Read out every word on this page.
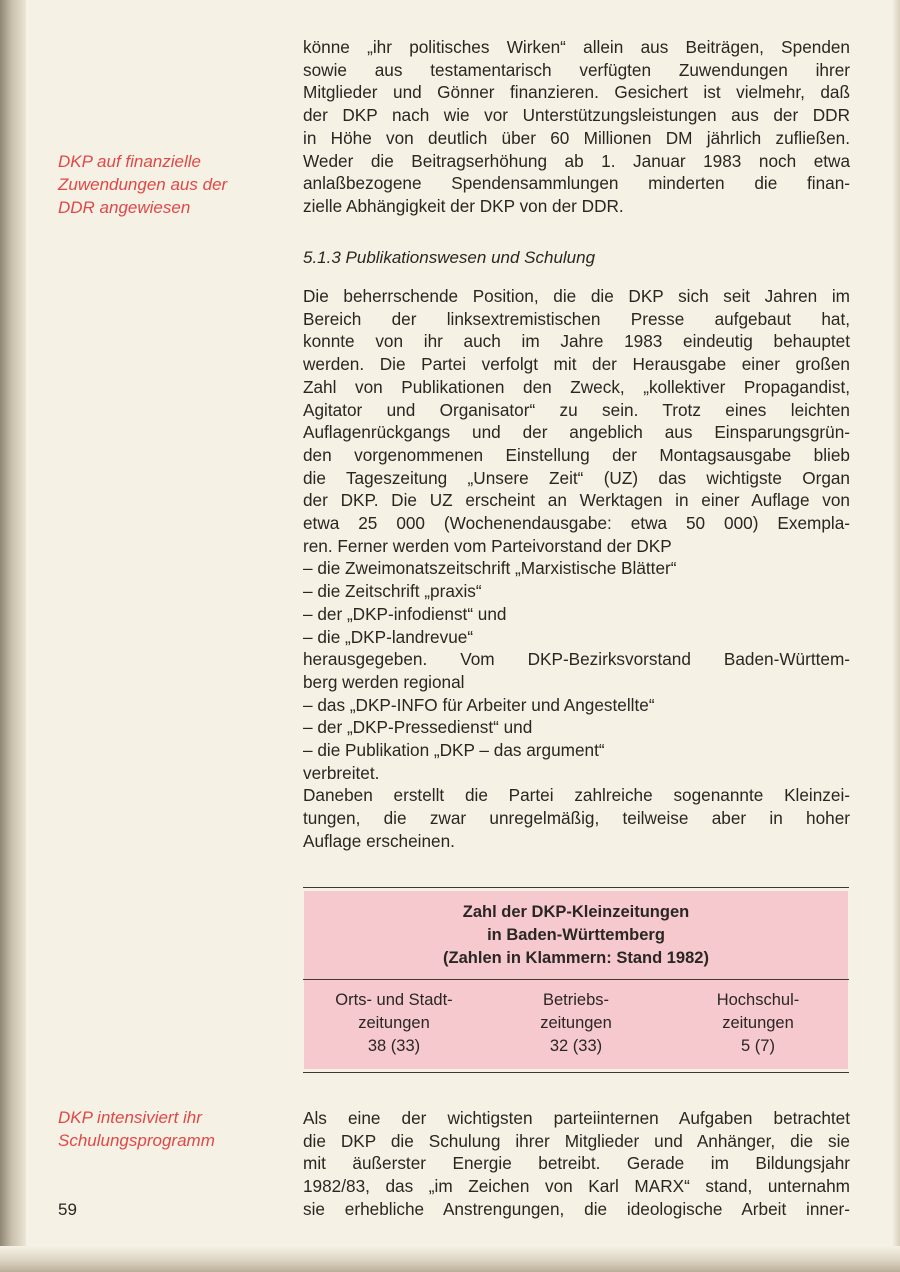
DKP auf finanzielle
Zuwendungen aus der
DDR angewiesen
könne „ihr politisches Wirken“ allein aus Beiträgen, Spenden
sowie aus testamentarisch verfügten Zuwendungen ihrer
Mitglieder und Gönner finanzieren. Gesichert ist vielmehr, daß
der DKP nach wie vor Unterstützungsleistungen aus der DDR
in Höhe von deutlich über 60 Millionen DM jährlich zufließen.
Weder die Beitragserhöhung ab 1. Januar 1983 noch etwa
anlaßbezogene Spendensammlungen minderten die finan-
zielle Abhängigkeit der DKP von der DDR.
5.1.3 Publikationswesen und Schulung
Die beherrschende Position, die die DKP sich seit Jahren im
Bereich der linksextremistischen Presse aufgebaut hat,
konnte von ihr auch im Jahre 1983 eindeutig behauptet
werden. Die Partei verfolgt mit der Herausgabe einer großen
Zahl von Publikationen den Zweck, „kollektiver Propagandist,
Agitator und Organisator“ zu sein. Trotz eines leichten
Auflagenrückgangs und der angeblich aus Einsparungsgrün-
den vorgenommenen Einstellung der Montagsausgabe blieb
die Tageszeitung „Unsere Zeit“ (UZ) das wichtigste Organ
der DKP. Die UZ erscheint an Werktagen in einer Auflage von
etwa 25 000 (Wochenendausgabe: etwa 50 000) Exempla-
ren. Ferner werden vom Parteivorstand der DKP
– die Zweimonatszeitschrift „Marxistische Blätter“
– die Zeitschrift „praxis“
– der „DKP-infodienst“ und
– die „DKP-landrevue“
herausgegeben. Vom DKP-Bezirksvorstand Baden-Württem-
berg werden regional
– das „DKP-INFO für Arbeiter und Angestellte“
– der „DKP-Pressedienst“ und
– die Publikation „DKP – das argument“
verbreitet.
Daneben erstellt die Partei zahlreiche sogenannte Kleinzei-
tungen, die zwar unregelmäßig, teilweise aber in hoher
Auflage erscheinen.
Zahl der DKP-Kleinzeitungen
in Baden-Württemberg
(Zahlen in Klammern: Stand 1982)
Orts- und Stadt-
zeitungen
38 (33)
Betriebs-
zeitungen
32 (33)
Hochschul-
zeitungen
5 (7)
DKP intensiviert ihr
Schulungsprogramm
Als eine der wichtigsten parteiinternen Aufgaben betrachtet
die DKP die Schulung ihrer Mitglieder und Anhänger, die sie
mit äußerster Energie betreibt. Gerade im Bildungsjahr
1982/83, das „im Zeichen von Karl MARX“ stand, unternahm
sie erhebliche Anstrengungen, die ideologische Arbeit inner-
59
